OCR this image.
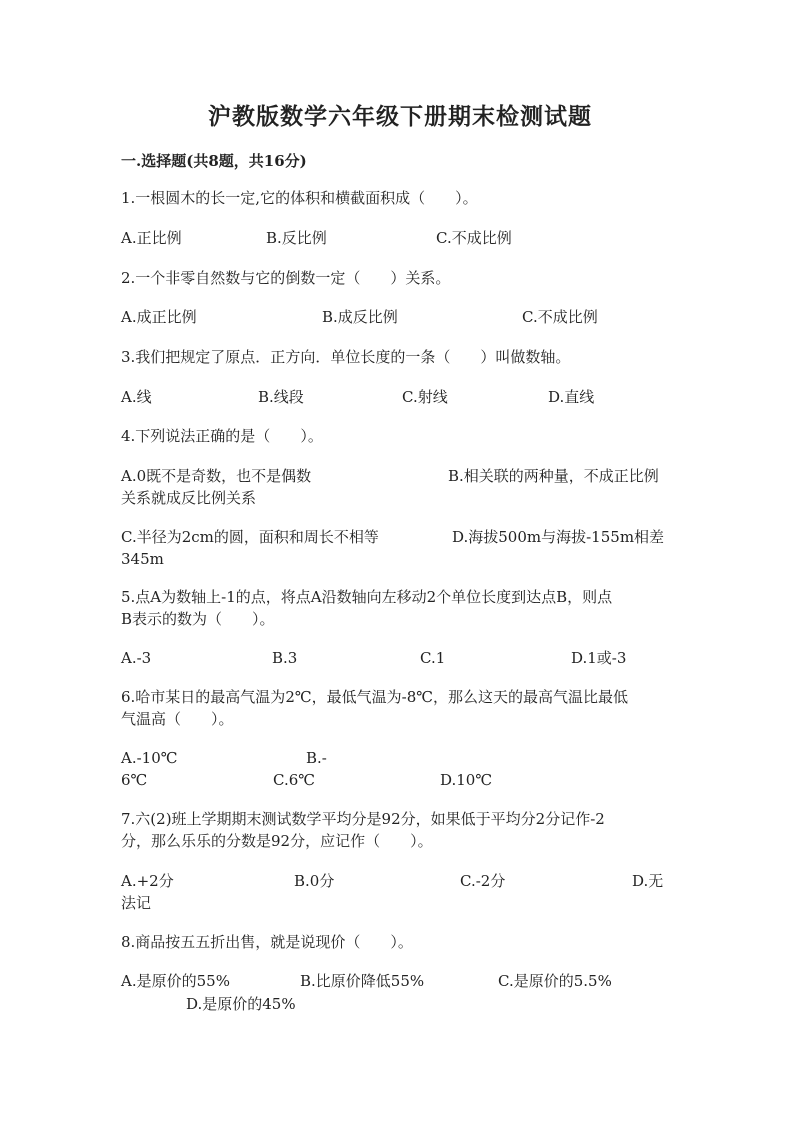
沪教版数学六年级下册期末检测试题
一.选择题(共8题，共16分)
1.一根圆木的长一定,它的体积和横截面积成（　　）。
A.正比例	B.反比例	C.不成比例
2.一个非零自然数与它的倒数一定（　　）关系。
A.成正比例	B.成反比例	C.不成比例
3.我们把规定了原点．正方向．单位长度的一条（　　）叫做数轴。
A.线	B.线段	C.射线	D.直线
4.下列说法正确的是（　　）。
A.0既不是奇数，也不是偶数	B.相关联的两种量，不成正比例
关系就成反比例关系
C.半径为2cm的圆，面积和周长不相等	D.海拔500m与海拔-155m相差
345m
5.点A为数轴上-1的点，将点A沿数轴向左移动2个单位长度到达点B，则点
B表示的数为（　　）。
A.-3	B.3	C.1	D.1或-3
6.哈市某日的最高气温为2℃，最低气温为-8℃，那么这天的最高气温比最低
气温高（　　）。
A.-10℃	B.-
6℃	C.6℃	D.10℃
7.六(2)班上学期期末测试数学平均分是92分，如果低于平均分2分记作-2
分，那么乐乐的分数是92分，应记作（　　）。
A.+2分	B.0分	C.-2分	D.无
法记
8.商品按五五折出售，就是说现价（　　）。
A.是原价的55%	B.比原价降低55%	C.是原价的5.5%
D.是原价的45%
